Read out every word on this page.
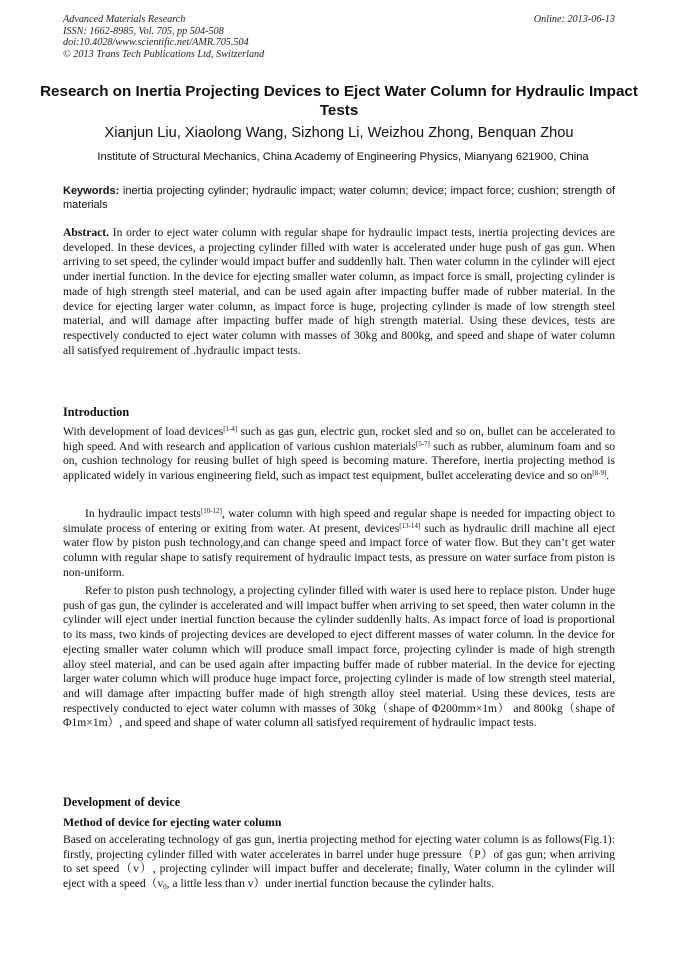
Advanced Materials Research
ISSN: 1662-8985, Vol. 705, pp 504-508
doi:10.4028/www.scientific.net/AMR.705.504
© 2013 Trans Tech Publications Ltd, Switzerland
Online: 2013-06-13
Research on Inertia Projecting Devices to Eject Water Column for Hydraulic Impact Tests
Xianjun Liu, Xiaolong Wang, Sizhong Li, Weizhou Zhong, Benquan Zhou
Institute of Structural Mechanics, China Academy of Engineering Physics, Mianyang 621900, China
Keywords: inertia projecting cylinder; hydraulic impact; water column; device; impact force; cushion; strength of materials
Abstract. In order to eject water column with regular shape for hydraulic impact tests, inertia projecting devices are developed. In these devices, a projecting cylinder filled with water is accelerated under huge push of gas gun. When arriving to set speed, the cylinder would impact buffer and suddenlly halt. Then water column in the cylinder will eject under inertial function. In the device for ejecting smaller water column, as impact force is small, projecting cylinder is made of high strength steel material, and can be used again after impacting buffer made of rubber material. In the device for ejecting larger water column, as impact force is huge, projecting cylinder is made of low strength steel material, and will damage after impacting buffer made of high strength material. Using these devices, tests are respectively conducted to eject water column with masses of 30kg and 800kg, and speed and shape of water column all satisfyed requirement of .hydraulic impact tests.
Introduction
With development of load devices[1-4] such as gas gun, electric gun, rocket sled and so on, bullet can be accelerated to high speed. And with research and application of various cushion materials[5-7] such as rubber, aluminum foam and so on, cushion technology for reusing bullet of high speed is becoming mature. Therefore, inertia projecting method is applicated widely in various engineering field, such as impact test equipment, bullet accelerating device and so on[8-9].
In hydraulic impact tests[10-12], water column with high speed and regular shape is needed for impacting object to simulate process of entering or exiting from water. At present, devices[13-14] such as hydraulic drill machine all eject water flow by piston push technology,and can change speed and impact force of water flow. But they can’t get water column with regular shape to satisfy requirement of hydraulic impact tests, as pressure on water surface from piston is non-uniform.
Refer to piston push technology, a projecting cylinder filled with water is used here to replace piston. Under huge push of gas gun, the cylinder is accelerated and will impact buffer when arriving to set speed, then water column in the cylinder will eject under inertial function because the cylinder suddenlly halts. As impact force of load is proportional to its mass, two kinds of projecting devices are developed to eject different masses of water column. In the device for ejecting smaller water column which will produce small impact force, projecting cylinder is made of high strength alloy steel material, and can be used again after impacting buffer made of rubber material. In the device for ejecting larger water column which will produce huge impact force, projecting cylinder is made of low strength steel material, and will damage after impacting buffer made of high strength alloy steel material. Using these devices, tests are respectively conducted to eject water column with masses of 30kg（shape of Φ200mm×1m） and 800kg（shape of Φ1m×1m）, and speed and shape of water column all satisfyed requirement of hydraulic impact tests.
Development of device
Method of device for ejecting water column
Based on accelerating technology of gas gun, inertia projecting method for ejecting water column is as follows(Fig.1): firstly, projecting cylinder filled with water accelerates in barrel under huge pressure（P）of gas gun; when arriving to set speed（v）, projecting cylinder will impact buffer and decelerate; finally, Water column in the cylinder will eject with a $speed(v_0$, a little less than v）under inertial function because the cylinder halts.
